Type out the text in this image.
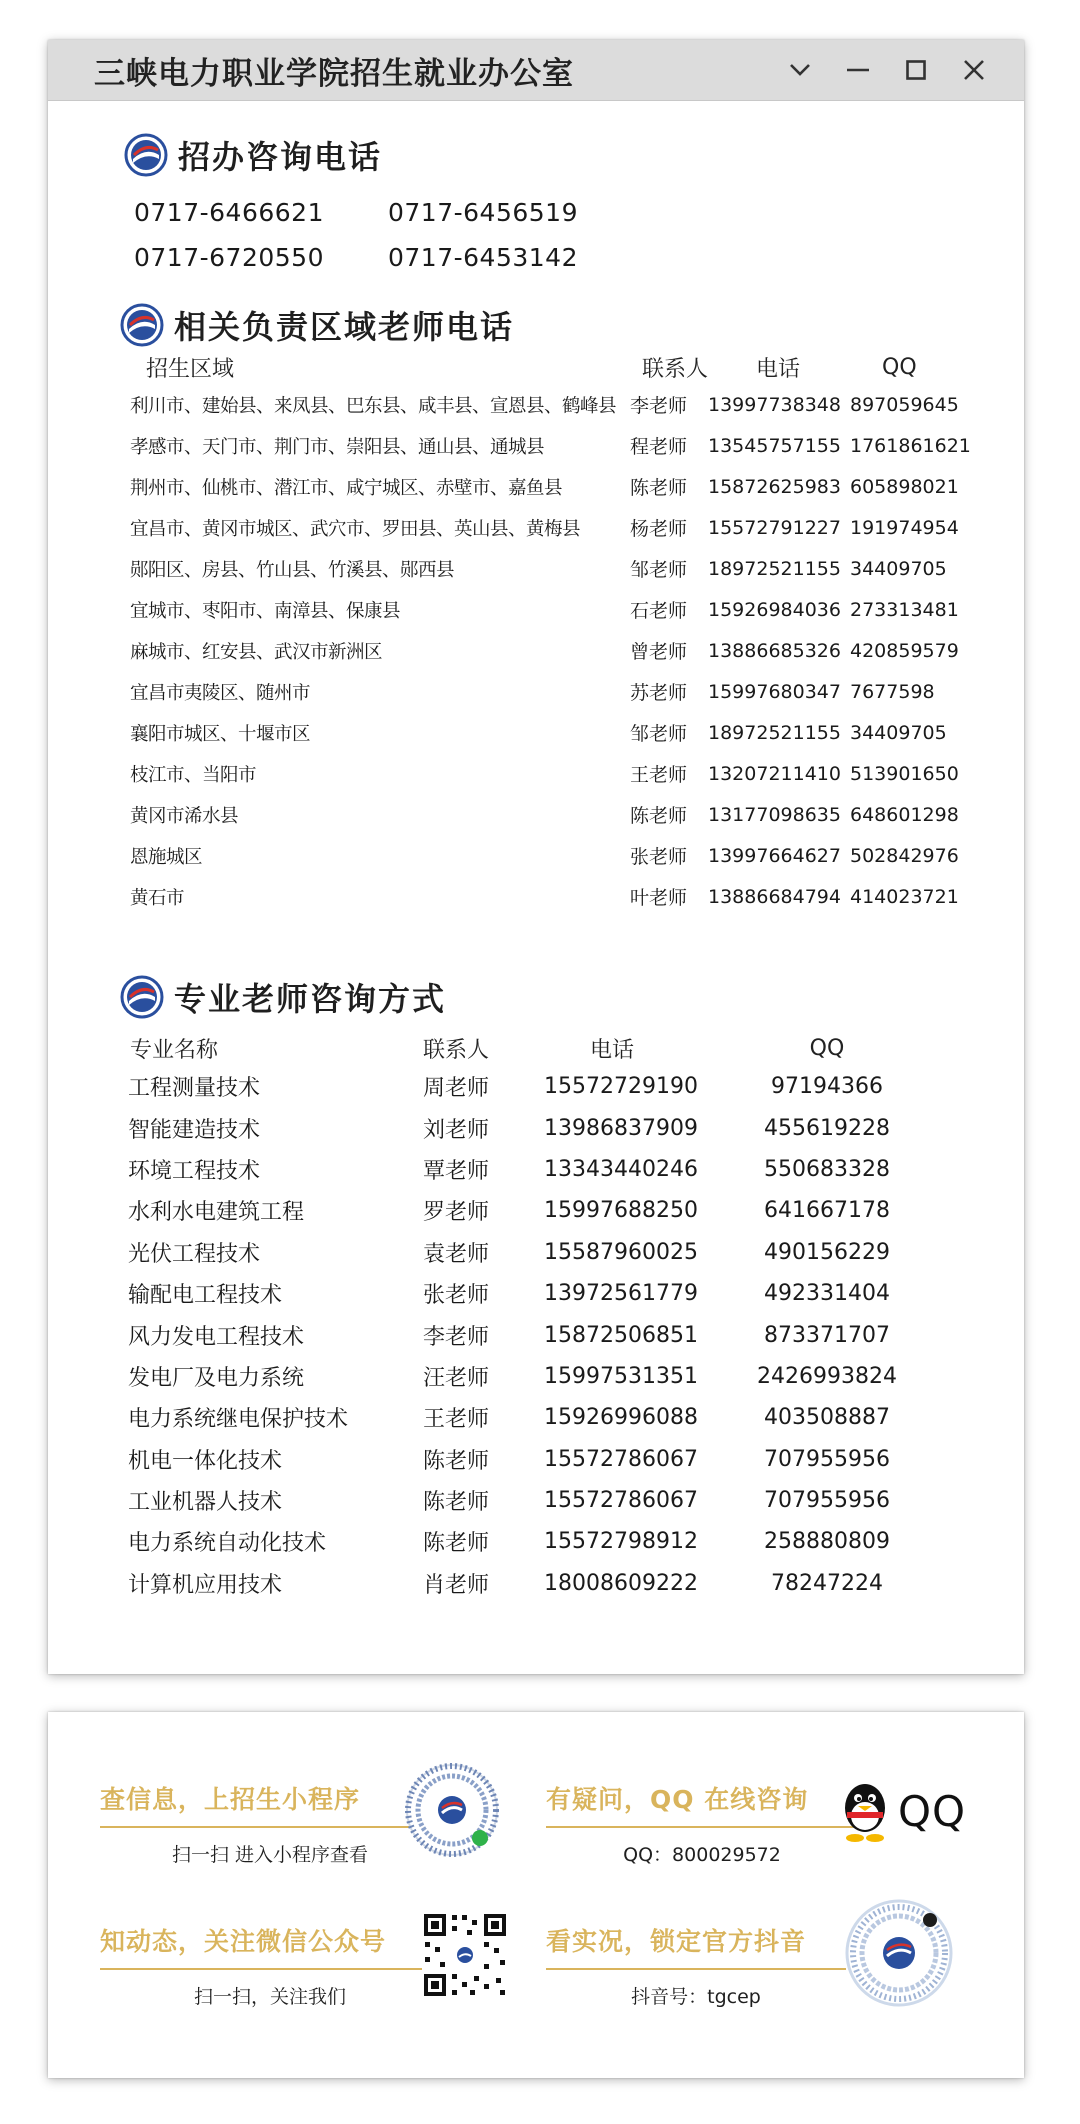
三峡电力职业学院招生就业办公室
招办咨询电话
0717-6466621	0717-6456519
0717-6720550	0717-6453142
相关负责区域老师电话
招生区域	联系人	电话	QQ
利川市、建始县、来凤县、巴东县、咸丰县、宣恩县、鹤峰县 李老师	13997738348 897059645
孝感市、天门市、荆门市、崇阳县、通山县、通城县	程老师	13545757155 1761861621
荆州市、仙桃市、潜江市、咸宁城区、赤壁市、嘉鱼县	陈老师	15872625983 605898021
宜昌市、黄冈市城区、武穴市、罗田县、英山县、黄梅县	杨老师	15572791227 191974954
郧阳区、房县、竹山县、竹溪县、郧西县	邹老师	18972521155 34409705
宜城市、枣阳市、南漳县、保康县	石老师	15926984036 273313481
麻城市、红安县、武汉市新洲区	曾老师	13886685326 420859579
宜昌市夷陵区、随州市	苏老师	15997680347 7677598
襄阳市城区、十堰市区	邹老师	18972521155 34409705
枝江市、当阳市	王老师	13207211410 513901650
黄冈市浠水县	陈老师	13177098635 648601298
恩施城区	张老师	13997664627 502842976
黄石市	叶老师	13886684794 414023721
专业老师咨询方式
专业名称	联系人	电话	QQ
工程测量技术	周老师	15572729190	97194366
智能建造技术	刘老师	13986837909	455619228
环境工程技术	覃老师	13343440246	550683328
水利水电建筑工程	罗老师	15997688250	641667178
光伏工程技术	袁老师	15587960025	490156229
输配电工程技术	张老师	13972561779	492331404
风力发电工程技术	李老师	15872506851	873371707
发电厂及电力系统	汪老师	15997531351	2426993824
电力系统继电保护技术	王老师	15926996088	403508887
机电一体化技术	陈老师	15572786067	707955956
工业机器人技术	陈老师	15572786067	707955956
电力系统自动化技术	陈老师	15572798912	258880809
计算机应用技术	肖老师	18008609222	78247224
查信息，上招生小程序
扫一扫 进入小程序查看
有疑问，QQ 在线咨询
QQ：800029572
QQ
知动态，关注微信公众号
扫一扫，关注我们
看实况，锁定官方抖音
抖音号：tgcep
